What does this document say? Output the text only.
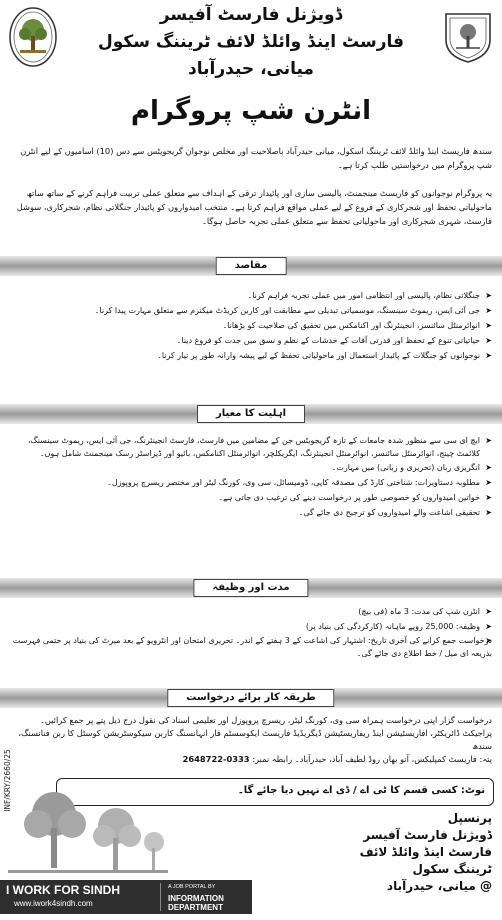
ڈویژنل فارسٹ آفیسر
فارسٹ اینڈ وائلڈ لائف ٹریننگ سکول
میانی، حیدرآباد
انٹرن شپ پروگرام
سندھ فاریسٹ اینڈ وائلڈ لائف ٹریننگ اسکول، میانی حیدرآباد باصلاحیت اور مخلص نوجوان گریجویٹس سے دس (10) اسامیوں کے لیے انٹرن شپ پروگرام میں درخواستیں طلب کرتا ہے۔
یہ پروگرام نوجوانوں کو فاریسٹ مینجمنٹ، پالیسی سازی اور پائیدار ترقی کے اہداف سے متعلق عملی تربیت فراہم کرنے کے ساتھ ساتھ ماحولیاتی تحفظ اور شجرکاری کے فروغ کے لیے عملی مواقع فراہم کرتا ہے۔ منتخب امیدواروں کو پائیدار جنگلاتی نظام، شجرکاری، سوشل فارسٹ، شہری شجرکاری اور ماحولیاتی تحفظ سے متعلق عملی تجربہ حاصل ہوگا۔
مقاصد
➤ جنگلاتی نظام، پالیسی اور انتظامی امور میں عملی تجربہ فراہم کرنا۔
➤ جی آئی ایس، ریموٹ سینسنگ، موسمیاتی تبدیلی سے مطابقت اور کاربن کریڈٹ میکنزم سے متعلق مہارت پیدا کرنا۔
➤ انوائرمنٹل سائنسز، انجینئرنگ اور اکنامکس میں تحقیق کی صلاحیت کو بڑھانا۔
➤ حیاتیاتی تنوع کے تحفظ اور قدرتی آفات کے خدشات کے نظم و نسق میں جدت کو فروغ دینا۔
➤ نوجوانوں کو جنگلات کے پائیدار استعمال اور ماحولیاتی تحفظ کے لیے پیشہ وارانہ طور پر تیار کرنا۔
اہلیت کا معیار
➤ ایچ ای سی سے منظور شدہ جامعات کے تازہ گریجویٹس جن کے مضامین میں فارسٹ، فارسٹ انجینئرنگ، جی آئی ایس، ریموٹ سینسنگ، کلائمٹ چینج، انوائرمنٹل سائنسز، انوائرمنٹل انجینئرنگ، ایگریکلچر، انوائرمنٹل اکنامکس، بائیو اور ڈیزاسٹر رسک مینجمنٹ شامل ہوں۔
➤ انگریزی زبان (تحریری و زبانی) میں مہارت۔
➤ مطلوبہ دستاویزات: شناختی کارڈ کی مصدقہ کاپی، ڈومیسائل، سی وی، کورنگ لیٹر اور مختصر ریسرچ پروپوزل۔
➤ خواتین امیدواروں کو خصوصی طور پر درخواست دینے کی ترغیب دی جاتی ہے۔
➤ تحقیقی اشاعت والے امیدواروں کو ترجیح دی جائے گی۔
مدت اور وظیفہ
➤ انٹرن شپ کی مدت: 3 ماہ (فی بیچ)
➤ وظیفہ: 25,000 روپے ماہانہ (کارکردگی کی بنیاد پر)
➤ درخواست جمع کرانے کی آخری تاریخ: اشتہار کی اشاعت کے 3 ہفتے کے اندر۔ تحریری امتحان اور انٹرویو کے بعد میرٹ کی بنیاد پر حتمی فہرست بذریعہ ای میل / خط اطلاع دی جائے گی۔
طریقہ کار برائے درخواست
درخواست گزار اپنی درخواست ہمراہ سی وی، کورنگ لیٹر، ریسرچ پروپوزل اور تعلیمی اسناد کی نقول درج ذیل پتے پر جمع کرائیں۔
پراجیکٹ ڈائریکٹر، افاریسٹیشن اینڈ ریفاریسٹیشن ڈیگریڈیڈ فاریسٹ ایکوسسٹم فار انہانسنگ کاربن سیکوسٹریشن کوسٹل کا ربن فنانسنگ، سندھ
پتہ: فاریسٹ کمپلیکس، آنو بھان روڈ لطیف آباد، حیدرآباد۔ رابطہ نمبر: 0333-2648722
نوٹ: کسی قسم کا ٹی اے / ڈی اے نہیں دیا جائے گا۔
INF/KRY/2660/25
پرنسپل
ڈویژنل فارسٹ آفیسر
فارسٹ اینڈ وائلڈ لائف
ٹریننگ سکول
@ میانی، حیدرآباد
I WORK FOR SINDH
www.iwork4sindh.com
A JOB PORTAL BY
INFORMATION DEPARTMENT
